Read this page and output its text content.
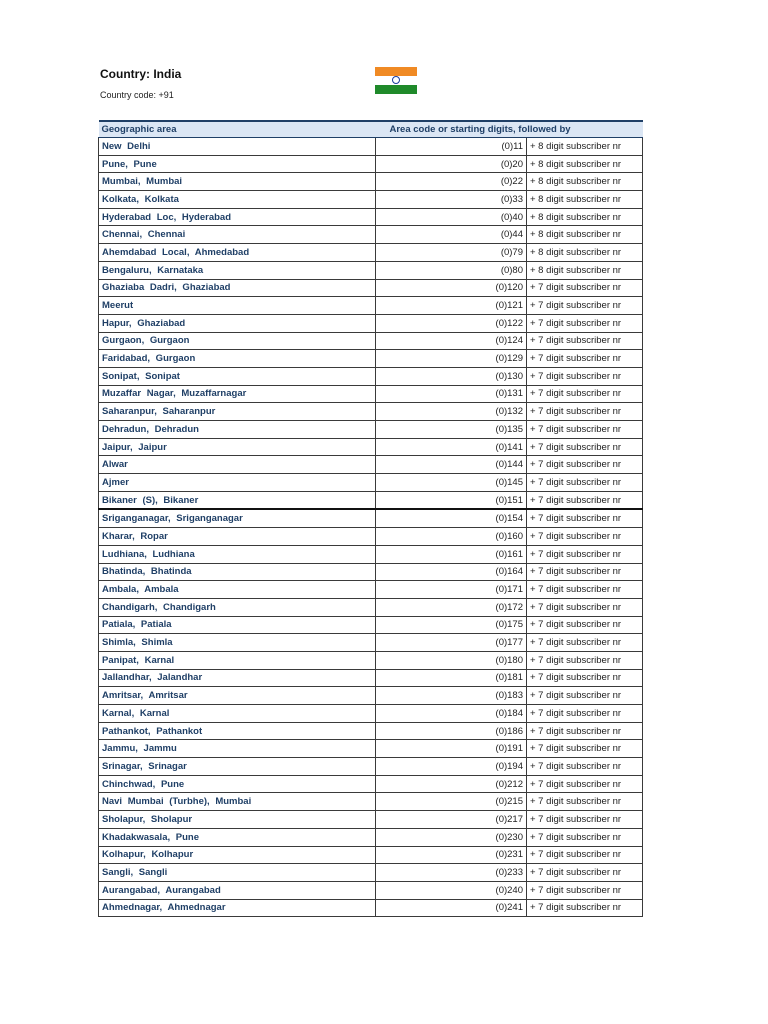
Country: India
Country code: +91
Geographic area	Area code or starting digits, followed by	
New Delhi	(0)11	+ 8 digit subscriber nr
Pune, Pune	(0)20	+ 8 digit subscriber nr
Mumbai, Mumbai	(0)22	+ 8 digit subscriber nr
Kolkata, Kolkata	(0)33	+ 8 digit subscriber nr
Hyderabad Loc, Hyderabad	(0)40	+ 8 digit subscriber nr
Chennai, Chennai	(0)44	+ 8 digit subscriber nr
Ahemdabad Local, Ahmedabad	(0)79	+ 8 digit subscriber nr
Bengaluru, Karnataka	(0)80	+ 8 digit subscriber nr
Ghaziaba Dadri, Ghaziabad	(0)120	+ 7 digit subscriber nr
Meerut	(0)121	+ 7 digit subscriber nr
Hapur, Ghaziabad	(0)122	+ 7 digit subscriber nr
Gurgaon, Gurgaon	(0)124	+ 7 digit subscriber nr
Faridabad, Gurgaon	(0)129	+ 7 digit subscriber nr
Sonipat, Sonipat	(0)130	+ 7 digit subscriber nr
Muzaffar Nagar, Muzaffarnagar	(0)131	+ 7 digit subscriber nr
Saharanpur, Saharanpur	(0)132	+ 7 digit subscriber nr
Dehradun, Dehradun	(0)135	+ 7 digit subscriber nr
Jaipur, Jaipur	(0)141	+ 7 digit subscriber nr
Alwar	(0)144	+ 7 digit subscriber nr
Ajmer	(0)145	+ 7 digit subscriber nr
Bikaner (S), Bikaner	(0)151	+ 7 digit subscriber nr
Sriganganagar, Sriganganagar	(0)154	+ 7 digit subscriber nr
Kharar, Ropar	(0)160	+ 7 digit subscriber nr
Ludhiana, Ludhiana	(0)161	+ 7 digit subscriber nr
Bhatinda, Bhatinda	(0)164	+ 7 digit subscriber nr
Ambala, Ambala	(0)171	+ 7 digit subscriber nr
Chandigarh, Chandigarh	(0)172	+ 7 digit subscriber nr
Patiala, Patiala	(0)175	+ 7 digit subscriber nr
Shimla, Shimla	(0)177	+ 7 digit subscriber nr
Panipat, Karnal	(0)180	+ 7 digit subscriber nr
Jallandhar, Jalandhar	(0)181	+ 7 digit subscriber nr
Amritsar, Amritsar	(0)183	+ 7 digit subscriber nr
Karnal, Karnal	(0)184	+ 7 digit subscriber nr
Pathankot, Pathankot	(0)186	+ 7 digit subscriber nr
Jammu, Jammu	(0)191	+ 7 digit subscriber nr
Srinagar, Srinagar	(0)194	+ 7 digit subscriber nr
Chinchwad, Pune	(0)212	+ 7 digit subscriber nr
Navi Mumbai (Turbhe), Mumbai	(0)215	+ 7 digit subscriber nr
Sholapur, Sholapur	(0)217	+ 7 digit subscriber nr
Khadakwasala, Pune	(0)230	+ 7 digit subscriber nr
Kolhapur, Kolhapur	(0)231	+ 7 digit subscriber nr
Sangli, Sangli	(0)233	+ 7 digit subscriber nr
Aurangabad, Aurangabad	(0)240	+ 7 digit subscriber nr
Ahmednagar, Ahmednagar	(0)241	+ 7 digit subscriber nr
